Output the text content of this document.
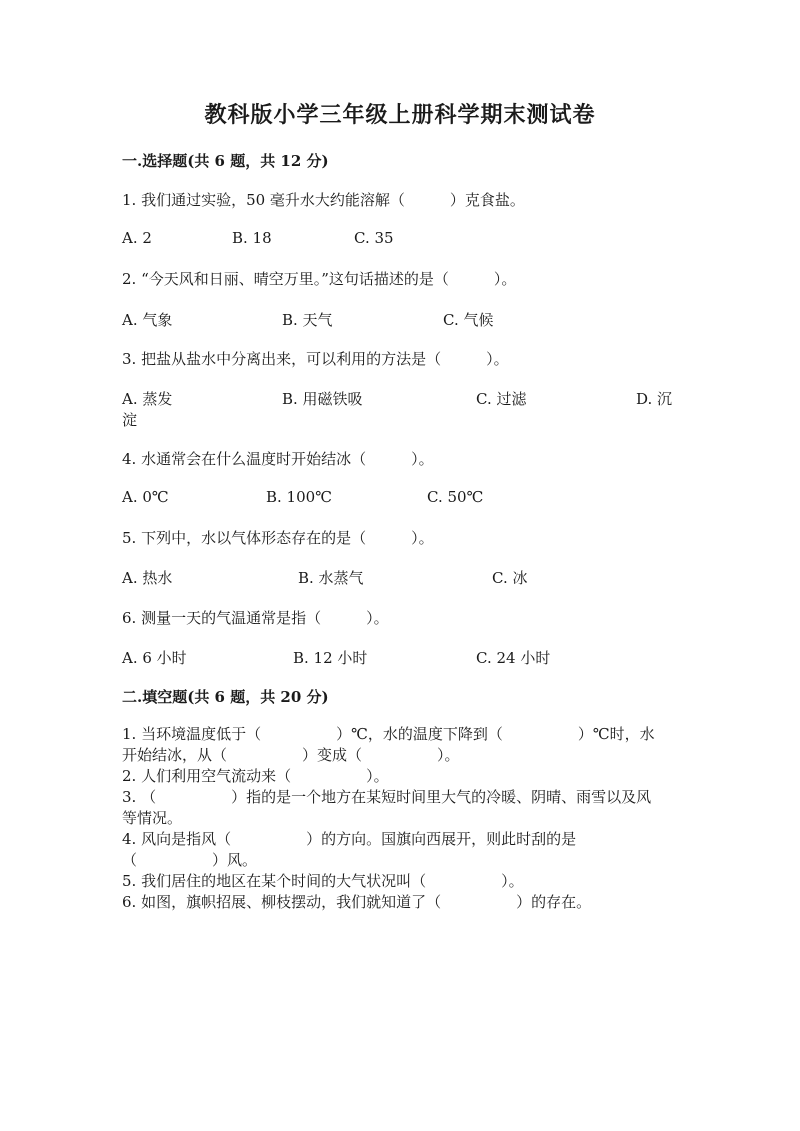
教科版小学三年级上册科学期末测试卷
一.选择题(共 6 题，共 12 分)
1. 我们通过实验，50 毫升水大约能溶解（　　　）克食盐。
A. 2	B. 18	C. 35
2. “今天风和日丽、晴空万里。”这句话描述的是（　　　）。
A. 气象	B. 天气	C. 气候
3. 把盐从盐水中分离出来，可以利用的方法是（　　　）。
A. 蒸发	B. 用磁铁吸	C. 过滤	D. 沉
淀
4. 水通常会在什么温度时开始结冰（　　　）。
A. 0℃	B. 100℃	C. 50℃
5. 下列中，水以气体形态存在的是（　　　）。
A. 热水	B. 水蒸气	C. 冰
6. 测量一天的气温通常是指（　　　）。
A. 6 小时	B. 12 小时	C. 24 小时
二.填空题(共 6 题，共 20 分)
1. 当环境温度低于（　　　　　）℃，水的温度下降到（　　　　　）℃时，水
开始结冰，从（　　　　　）变成（　　　　　）。
2. 人们利用空气流动来（　　　　　）。
3. （　　　　　）指的是一个地方在某短时间里大气的冷暖、阴晴、雨雪以及风
等情况。
4. 风向是指风（　　　　　）的方向。国旗向西展开，则此时刮的是
（　　　　　）风。
5. 我们居住的地区在某个时间的大气状况叫（　　　　　）。
6. 如图，旗帜招展、柳枝摆动，我们就知道了（　　　　　）的存在。
